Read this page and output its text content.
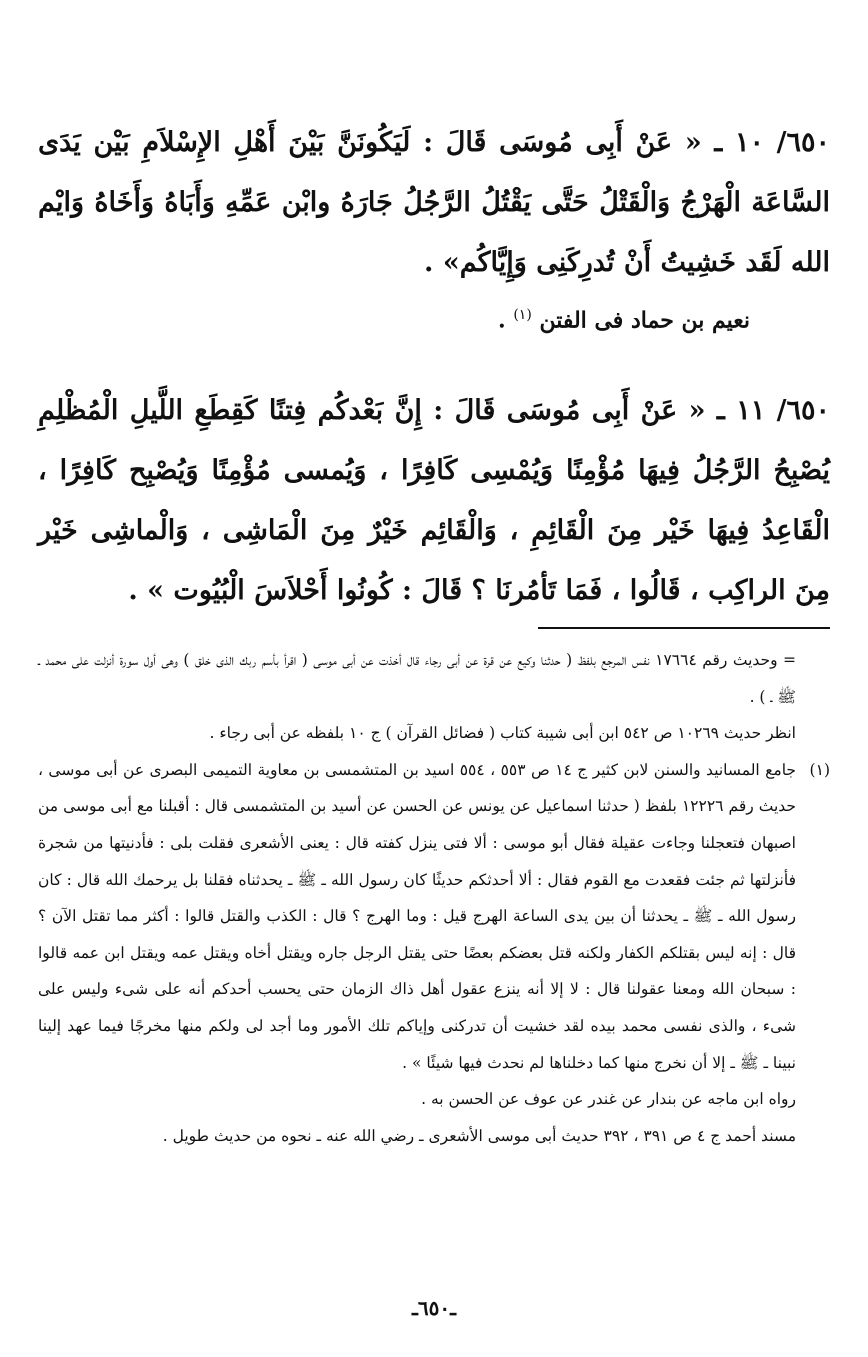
٦٥٠/ ١٠ ـ « عَنْ أَبِى مُوسَى قَالَ : لَيَكُونَنَّ بَيْنَ أَهْلِ الإِسْلاَمِ بَيْن يَدَى السَّاعَة الْهَرْجُ وَالْقَتْلُ حَتَّى يَقْتُلُ الرَّجُلُ جَارَهُ وابْن عَمِّهِ وَأَبَاهُ وَأَخَاهُ وَايْم الله لَقَد خَشِيتُ أَنْ تُدرِكَنِى وَإِيَّاكُم» .

نعيم بن حماد فى الفتن $^{(١)}$ .

٦٥٠/ ١١ ـ « عَنْ أَبِى مُوسَى قَالَ : إِنَّ بَعْدكُم فِتنًا كَقِطَعِ اللَّيلِ الْمُظْلِمِ يُصْبِحُ الرَّجُلُ فِيهَا مُؤْمِنًا وَيُمْسِى كَافِرًا ، وَيُمسى مُؤْمِنًا وَيُصْبِح كَافِرًا ، الْقَاعِدُ فِيهَا خَيْر مِنَ الْقَائِمِ ، وَالْقَائِم خَيْرٌ مِنَ الْمَاشِى ، وَالْماشِى خَيْر مِنَ الراكِب ، قَالُوا ، فَمَا تَأمُرنَا ؟ قَالَ : كُونُوا أَحْلاَسَ الْبُيُوت » .

= وحديث رقم ١٧٦٦٤ نفس المرجع بلفظ ( حدثنا وكيع عن قرة عن أبى رجاء قال أخذت عن أبى موسى ( اقرأ بأسم ربك الذى خلق ) وهى أول سورة أنزلت على محمد ـ ﷺ ـ ) .

انظر حديث ١٠٢٦٩ ص ٥٤٢ ابن أبى شيبة كتاب ( فضائل القرآن ) ج ١٠ بلفظه عن أبى رجاء .

(١)
جامع المسانيد والسنن لابن كثير ج ١٤ ص ٥٥٣ ، ٥٥٤ اسيد بن المتشمسى بن معاوية التميمى البصرى عن أبى موسى ، حديث رقم ١٢٢٢٦ بلفظ ( حدثنا اسماعيل عن يونس عن الحسن عن أسيد بن المتشمسى قال : أقبلنا مع أبى موسى من اصبهان فتعجلنا وجاءت عقيلة فقال أبو موسى : ألا فتى ينزل كفته قال : يعنى الأشعرى فقلت بلى : فأدنيتها من شجرة فأنزلتها ثم جئت فقعدت مع القوم فقال : ألا أحدثكم حديثًا كان رسول الله ـ ﷺ ـ يحدثناه فقلنا بل يرحمك الله قال : كان رسول الله ـ ﷺ ـ يحدثنا أن بين يدى الساعة الهرج قيل : وما الهرج ؟ قال : الكذب والقتل قالوا : أكثر مما تقتل الآن ؟ قال : إنه ليس بقتلكم الكفار ولكنه قتل بعضكم بعضًا حتى يقتل الرجل جاره ويقتل أخاه ويقتل عمه ويقتل ابن عمه قالوا : سبحان الله ومعنا عقولنا قال : لا إلا أنه ينزع عقول أهل ذاك الزمان حتى يحسب أحدكم أنه على شىء وليس على شىء ، والذى نفسى محمد بيده لقد خشيت أن تدركنى وإياكم تلك الأمور وما أجد لى ولكم منها مخرجًا فيما عهد إلينا نبينا ـ ﷺ ـ إلا أن نخرج منها كما دخلناها لم نحدث فيها شيئًا » .

رواه ابن ماجه عن بندار عن غندر عن عوف عن الحسن به .

مسند أحمد ج ٤ ص ٣٩١ ، ٣٩٢ حديث أبى موسى الأشعرى ـ رضي الله عنه ـ نحوه من حديث طويل .

ـ٦٥٠ـ
